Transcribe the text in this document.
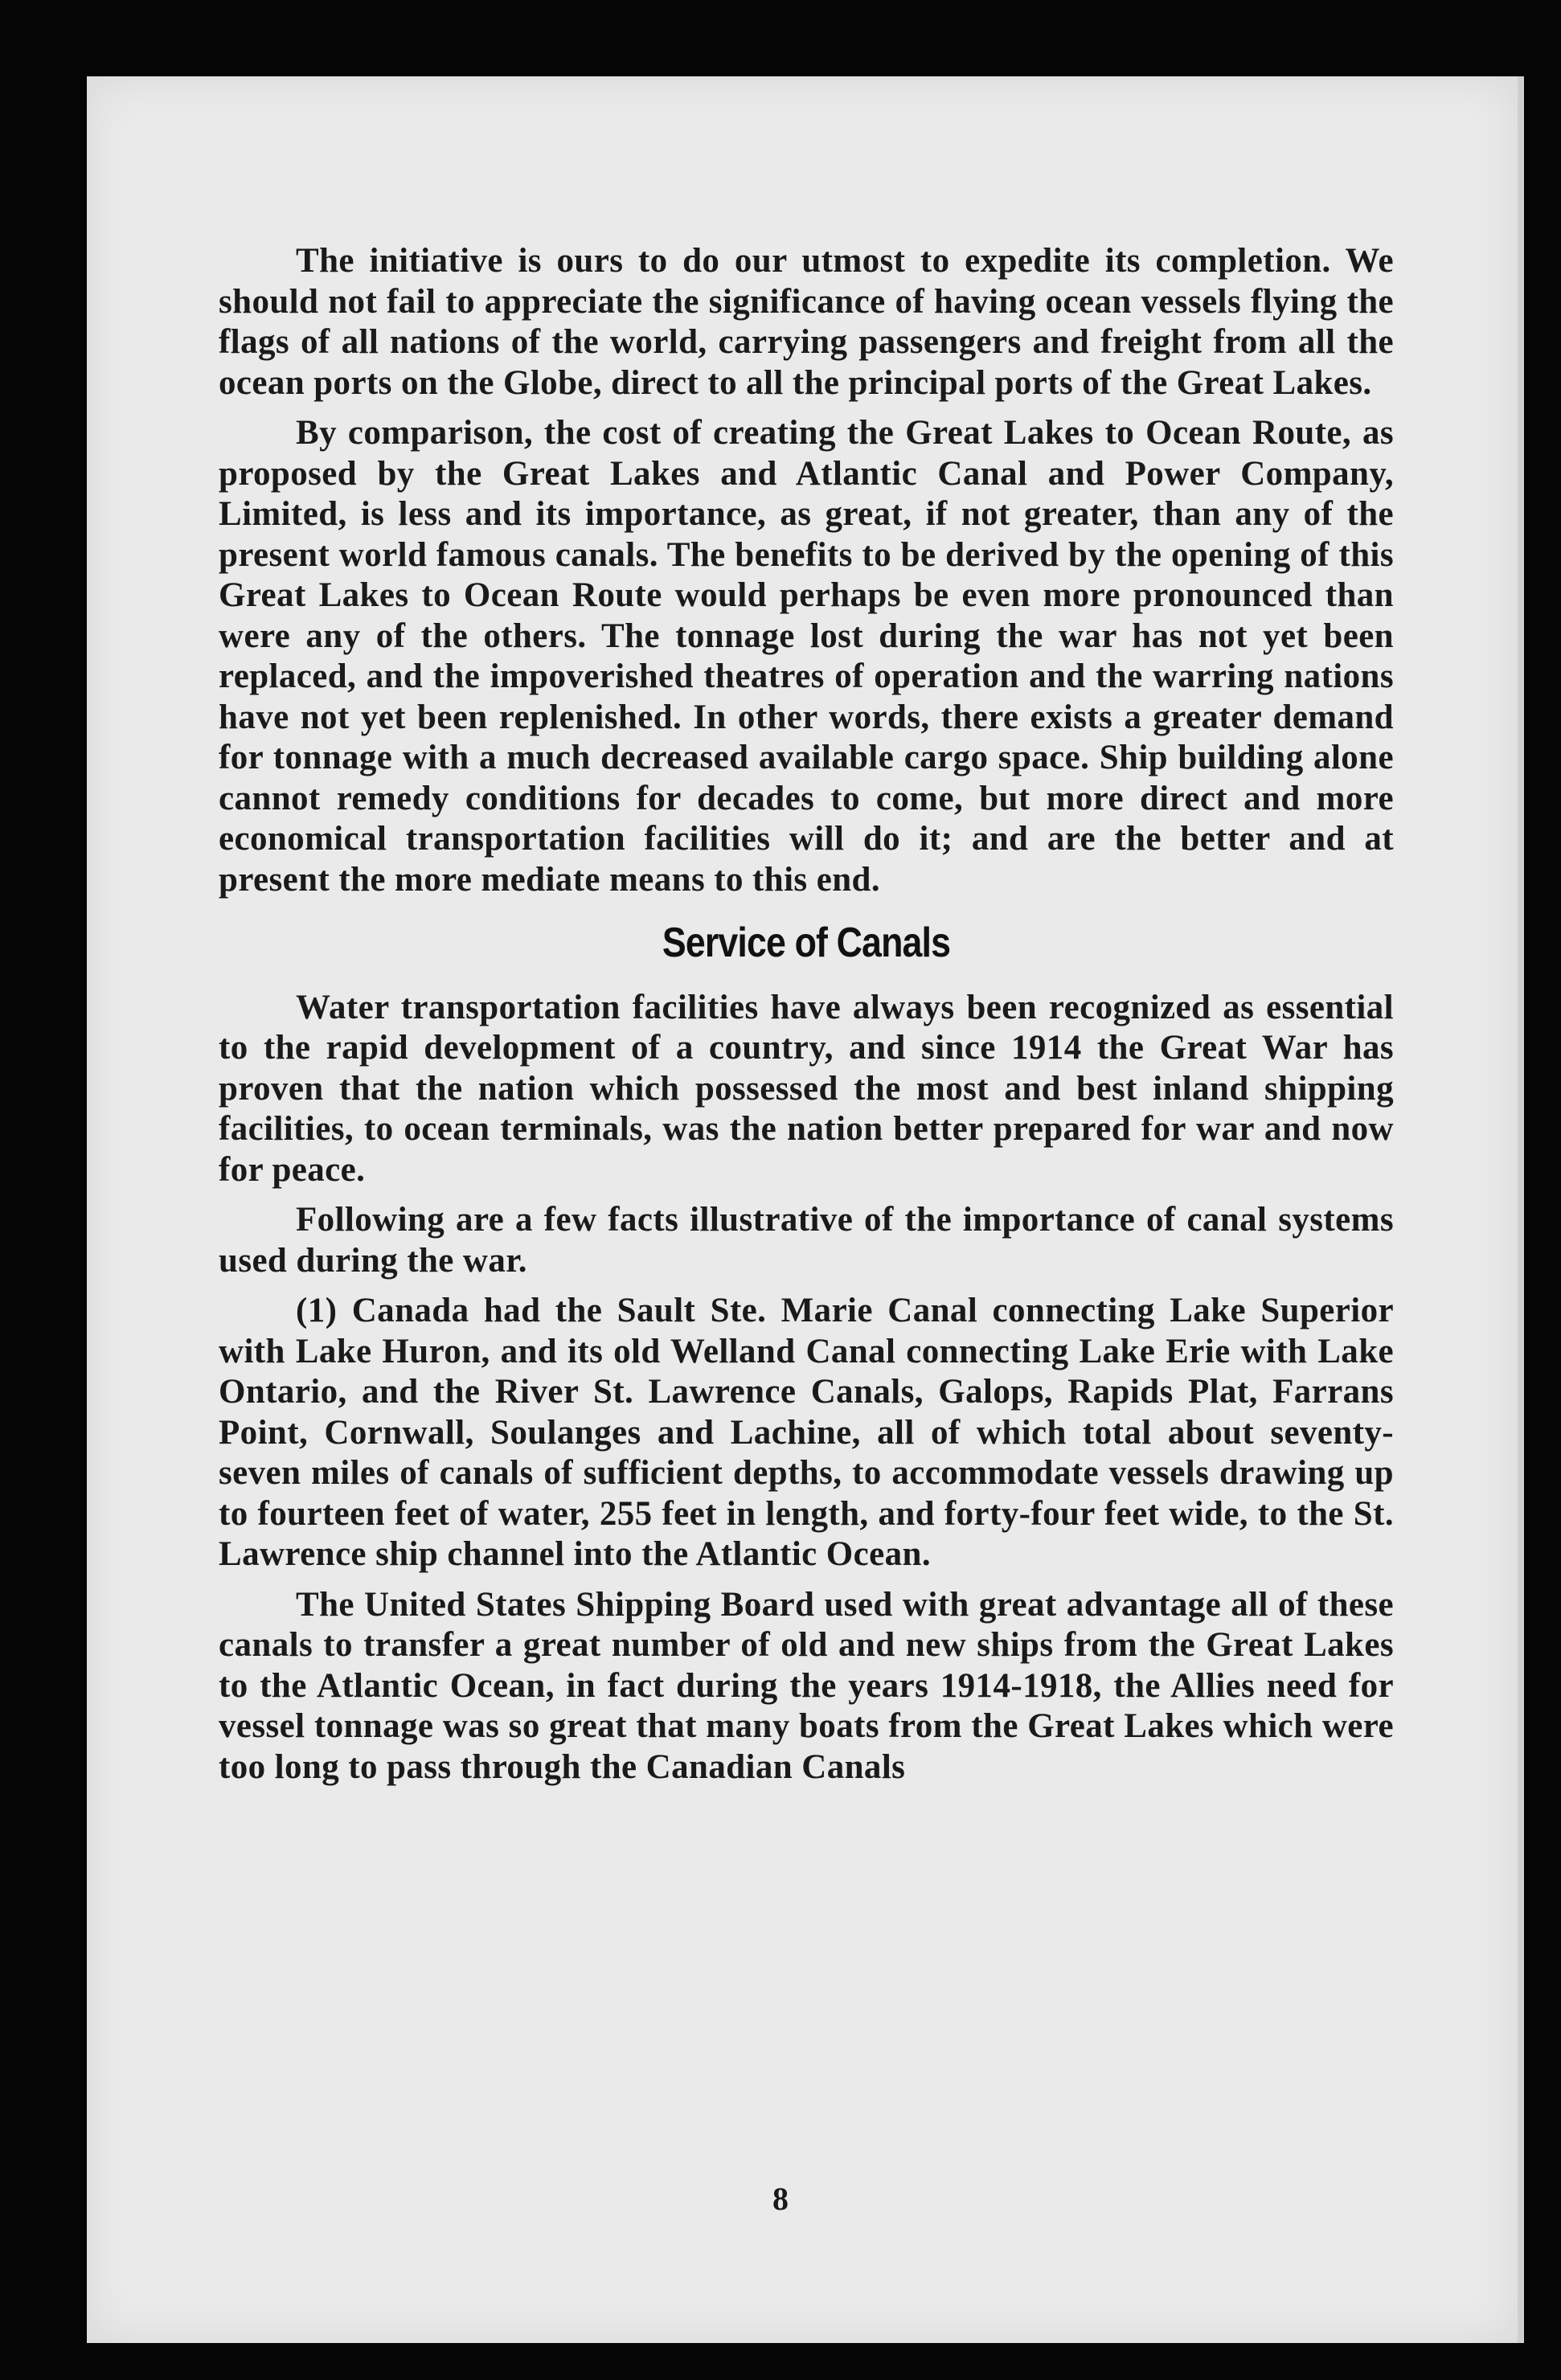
The initiative is ours to do our utmost to expedite its completion. We should not fail to appreciate the significance of having ocean vessels flying the flags of all nations of the world, carrying passengers and freight from all the ocean ports on the Globe, direct to all the principal ports of the Great Lakes.

By comparison, the cost of creating the Great Lakes to Ocean Route, as proposed by the Great Lakes and Atlantic Canal and Power Company, Limited, is less and its importance, as great, if not greater, than any of the present world famous canals. The benefits to be derived by the opening of this Great Lakes to Ocean Route would perhaps be even more pronounced than were any of the others. The tonnage lost during the war has not yet been replaced, and the impoverished theatres of operation and the warring nations have not yet been replenished. In other words, there exists a greater demand for tonnage with a much decreased available cargo space. Ship building alone cannot remedy conditions for decades to come, but more direct and more economical transportation facilities will do it; and are the better and at present the more mediate means to this end.

Service of Canals

Water transportation facilities have always been recognized as essential to the rapid development of a country, and since 1914 the Great War has proven that the nation which possessed the most and best inland shipping facilities, to ocean terminals, was the nation better prepared for war and now for peace.

Following are a few facts illustrative of the importance of canal systems used during the war.

(1) Canada had the Sault Ste. Marie Canal connecting Lake Superior with Lake Huron, and its old Welland Canal connecting Lake Erie with Lake Ontario, and the River St. Lawrence Canals, Galops, Rapids Plat, Farrans Point, Cornwall, Soulanges and Lachine, all of which total about seventy-seven miles of canals of sufficient depths, to accommodate vessels drawing up to fourteen feet of water, 255 feet in length, and forty-four feet wide, to the St. Lawrence ship channel into the Atlantic Ocean.

The United States Shipping Board used with great advantage all of these canals to transfer a great number of old and new ships from the Great Lakes to the Atlantic Ocean, in fact during the years 1914-1918, the Allies need for vessel tonnage was so great that many boats from the Great Lakes which were too long to pass through the Canadian Canals

8
